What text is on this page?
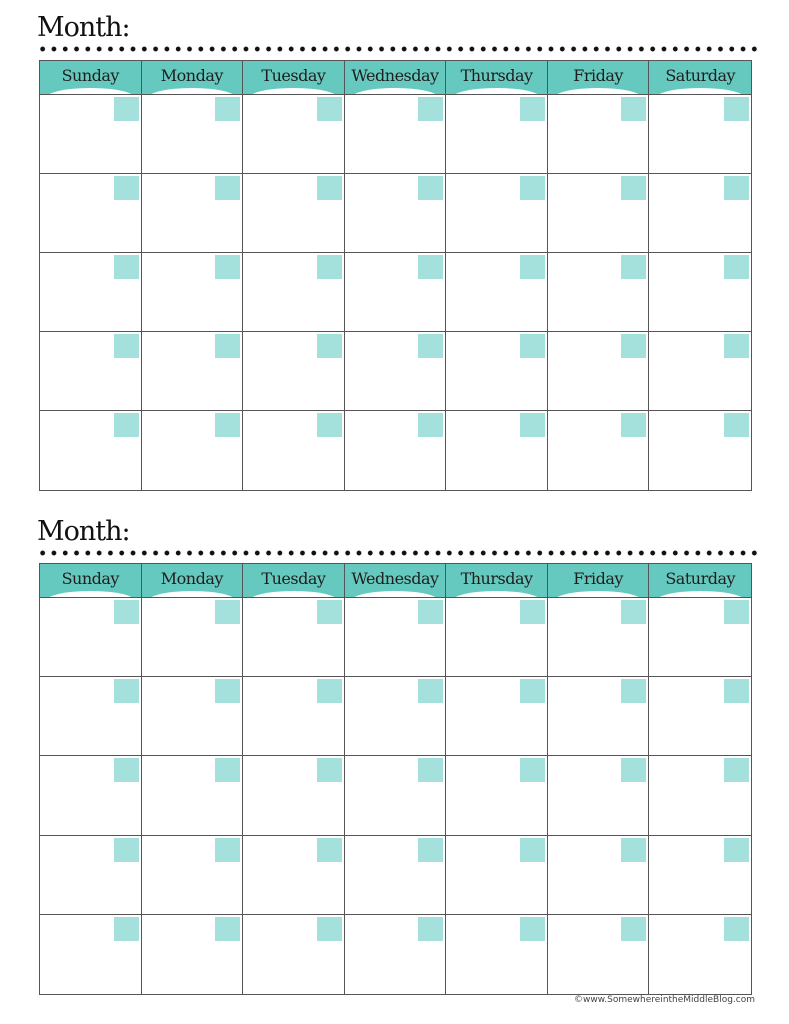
Month:
Sunday	Monday Tuesday Wednesday Thursday	Friday	Saturday
Month:
Sunday	Monday Tuesday Wednesday Thursday	Friday	Saturday
©www.SomewhereintheMiddleBlog.com
